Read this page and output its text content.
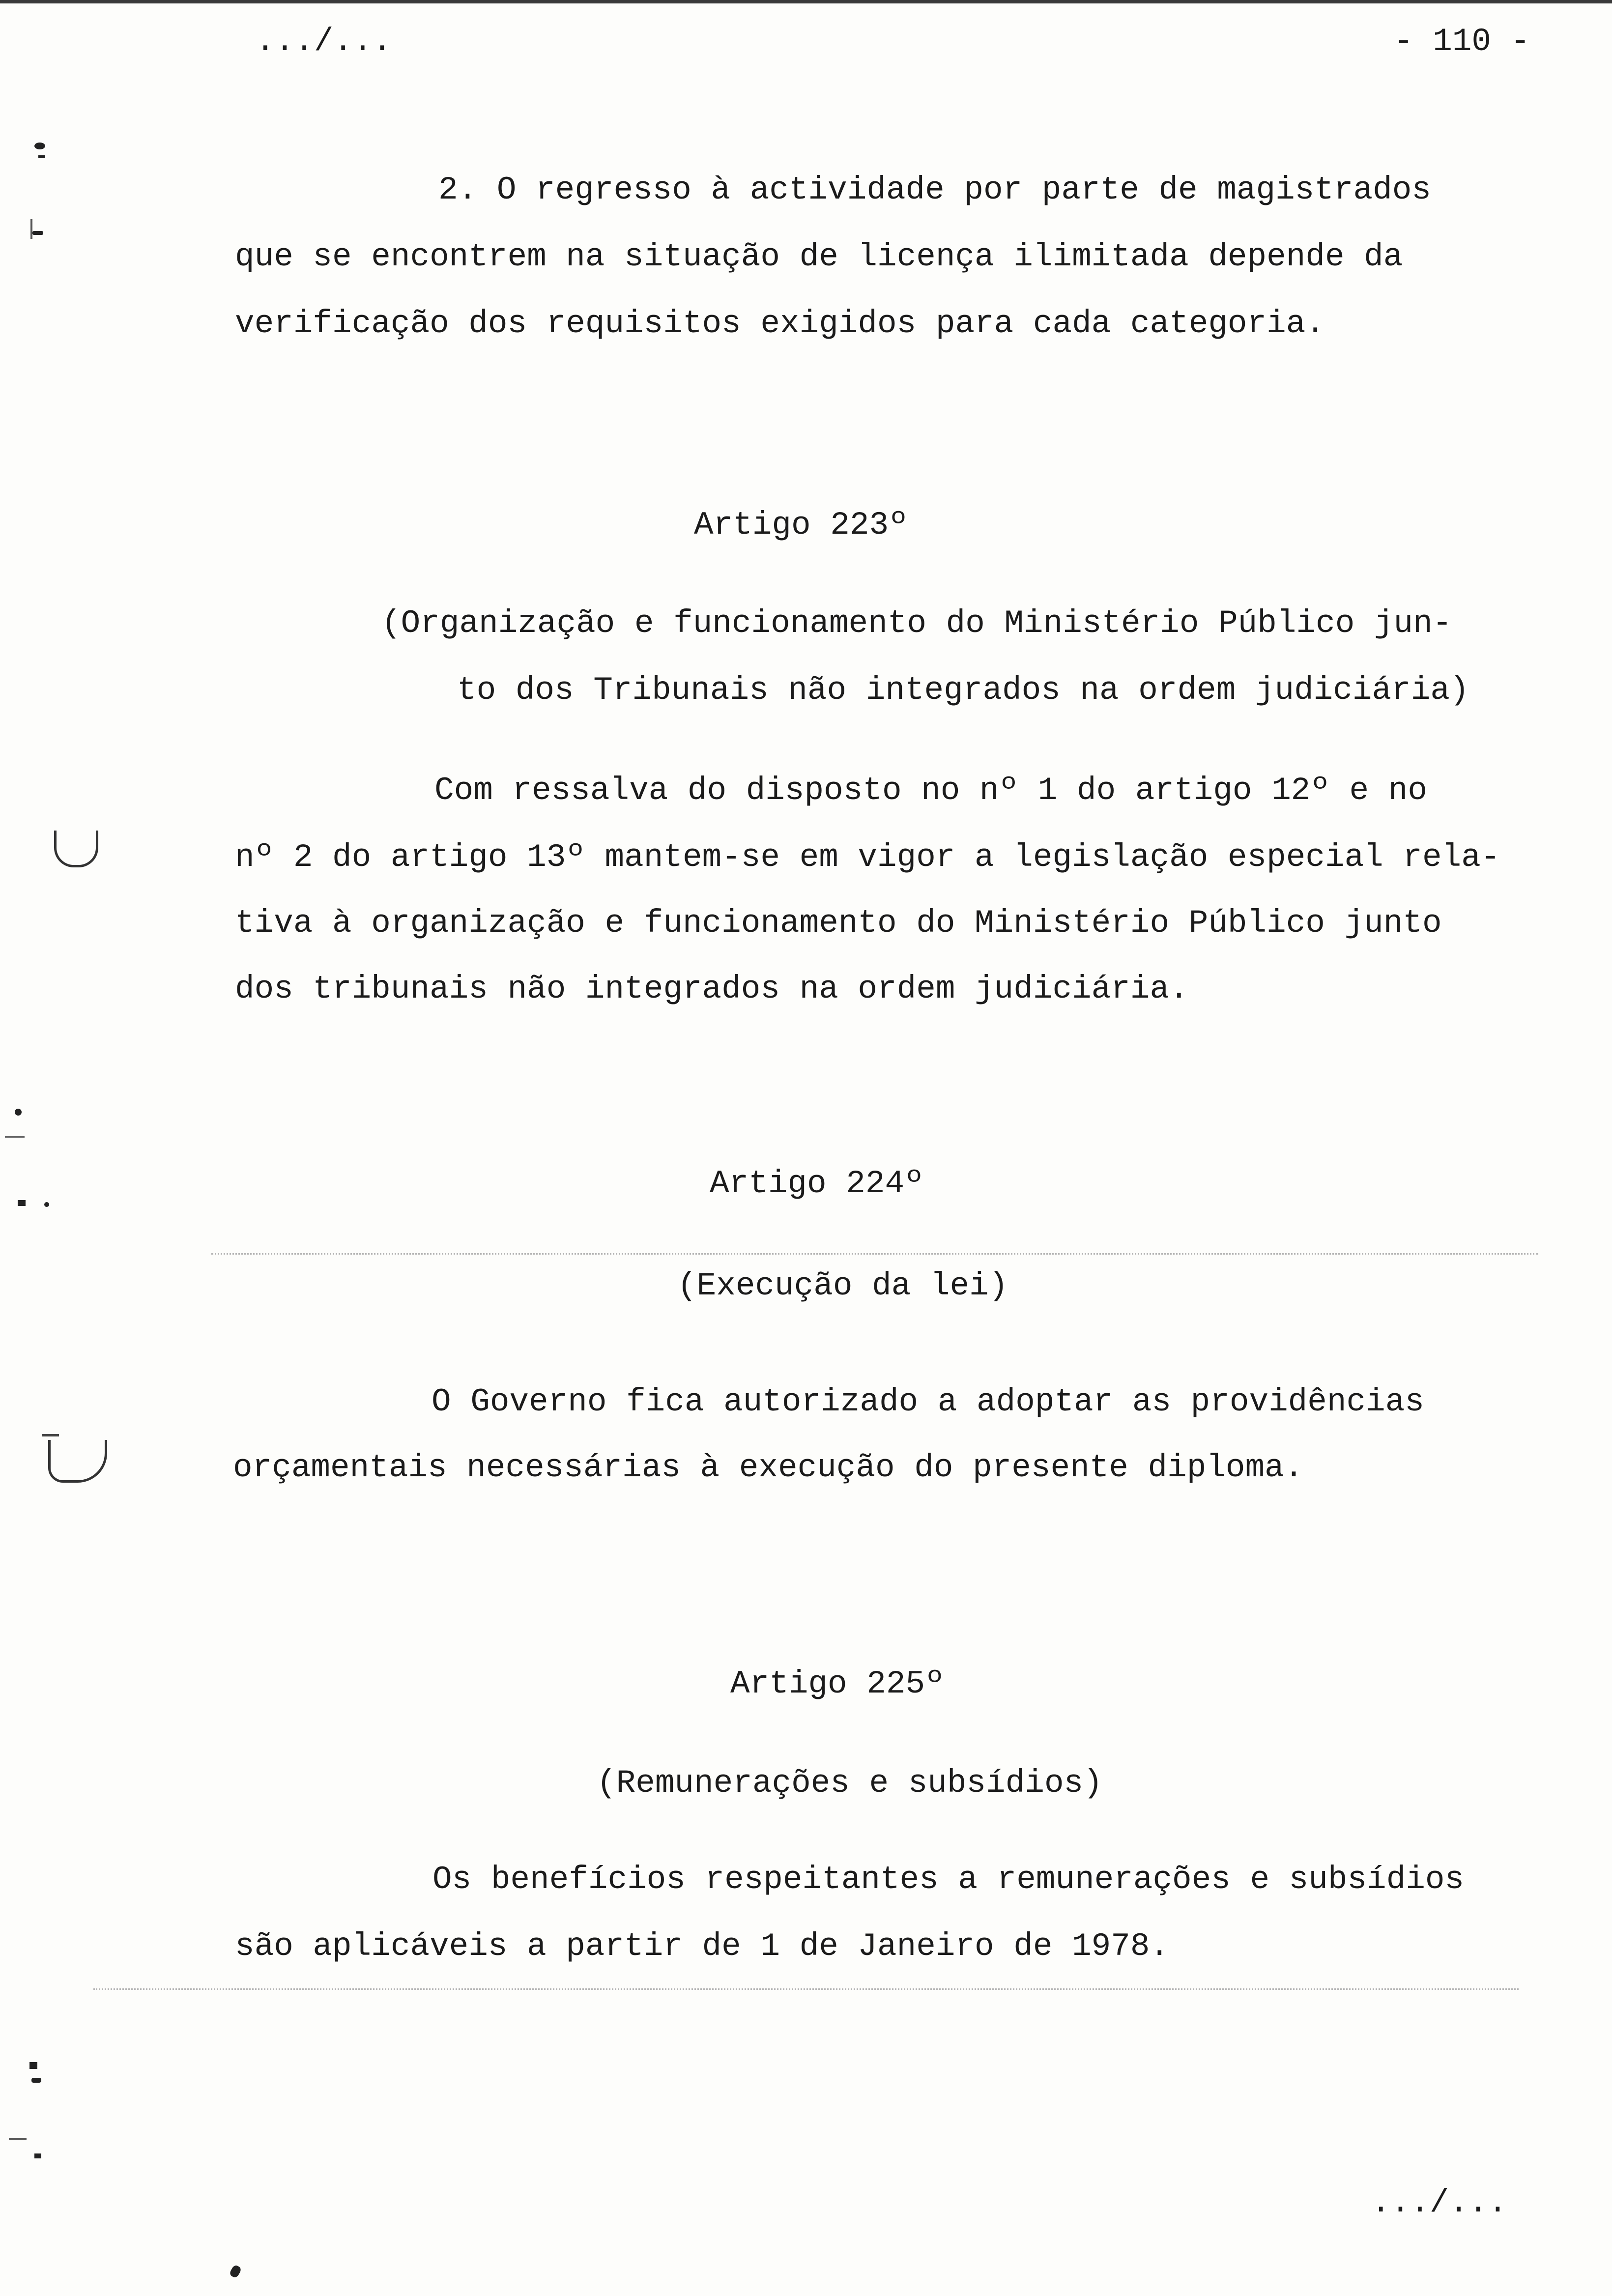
.../...	- 110 -
2. O regresso à actividade por parte de magistrados
que se encontrem na situação de licença ilimitada depende da
verificação dos requisitos exigidos para cada categoria.
Artigo 223º
(Organização e funcionamento do Ministério Público jun-
to dos Tribunais não integrados na ordem judiciária)
Com ressalva do disposto no nº 1 do artigo 12º e no
nº 2 do artigo 13º mantem-se em vigor a legislação especial rela-
tiva à organização e funcionamento do Ministério Público junto
dos tribunais não integrados na ordem judiciária.
Artigo 224º
(Execução da lei)
O Governo fica autorizado a adoptar as providências
orçamentais necessárias à execução do presente diploma.
Artigo 225º
(Remunerações e subsídios)
Os benefícios respeitantes a remunerações e subsídios
são aplicáveis a partir de 1 de Janeiro de 1978.
.../...
